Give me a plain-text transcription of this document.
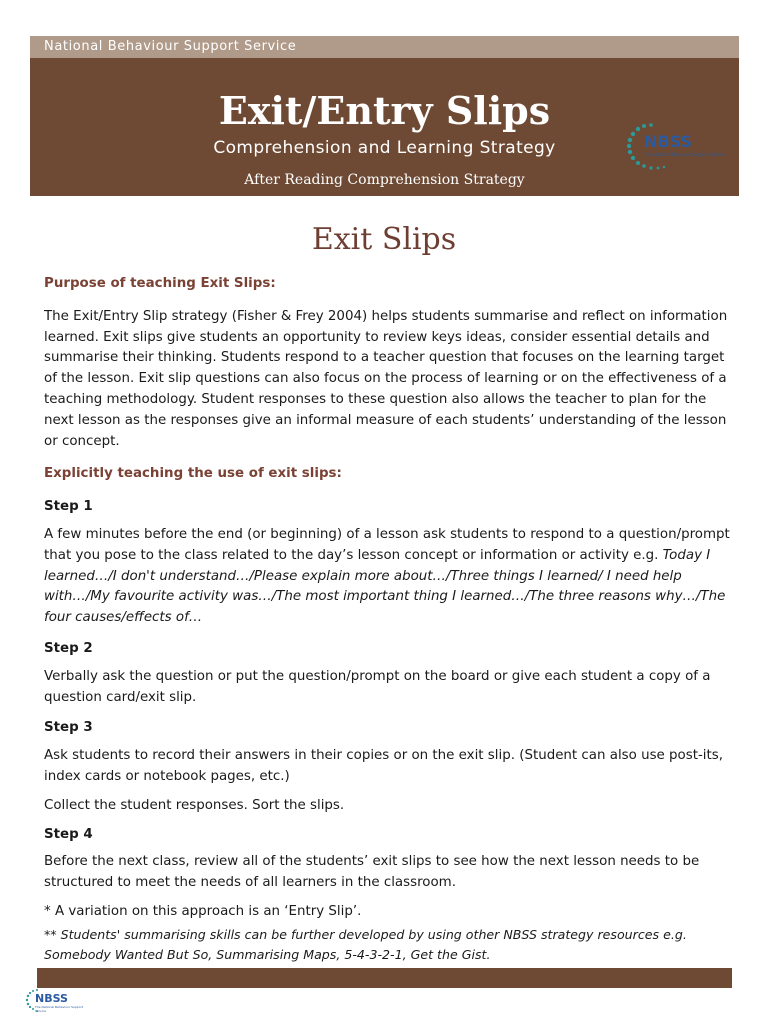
National Behaviour Support Service
Exit/Entry Slips
Comprehension and Learning Strategy
After Reading Comprehension Strategy
NBSS
The National Behaviour Support Service
Exit Slips

Purpose of teaching Exit Slips:

The Exit/Entry Slip strategy (Fisher & Frey 2004) helps students summarise and reflect on information learned. Exit slips give students an opportunity to review keys ideas, consider essential details and summarise their thinking. Students respond to a teacher question that focuses on the learning target of the lesson. Exit slip questions can also focus on the process of learning or on the effectiveness of a teaching methodology. Student responses to these question also allows the teacher to plan for the next lesson as the responses give an informal measure of each students’ understanding of the lesson or concept.

Explicitly teaching the use of exit slips:

Step 1

A few minutes before the end (or beginning) of a lesson ask students to respond to a question/prompt that you pose to the class related to the day’s lesson concept or information or activity e.g. Today I learned…/I don't understand…/Please explain more about…/Three things I learned/ I need help with…/My favourite activity was…/The most important thing I learned…/The three reasons why…/The four causes/effects of…

Step 2

Verbally ask the question or put the question/prompt on the board or give each student a copy of a question card/exit slip.

Step 3

Ask students to record their answers in their copies or on the exit slip. (Student can also use post-its, index cards or notebook pages, etc.)

Collect the student responses. Sort the slips.

Step 4

Before the next class, review all of the students’ exit slips to see how the next lesson needs to be structured to meet the needs of all learners in the classroom.

* A variation on this approach is an ‘Entry Slip’.

** Students' summarising skills can be further developed by using other NBSS strategy resources e.g. Somebody Wanted But So, Summarising Maps, 5-4-3-2-1, Get the Gist.

NBSS
The National Behaviour Support Service
